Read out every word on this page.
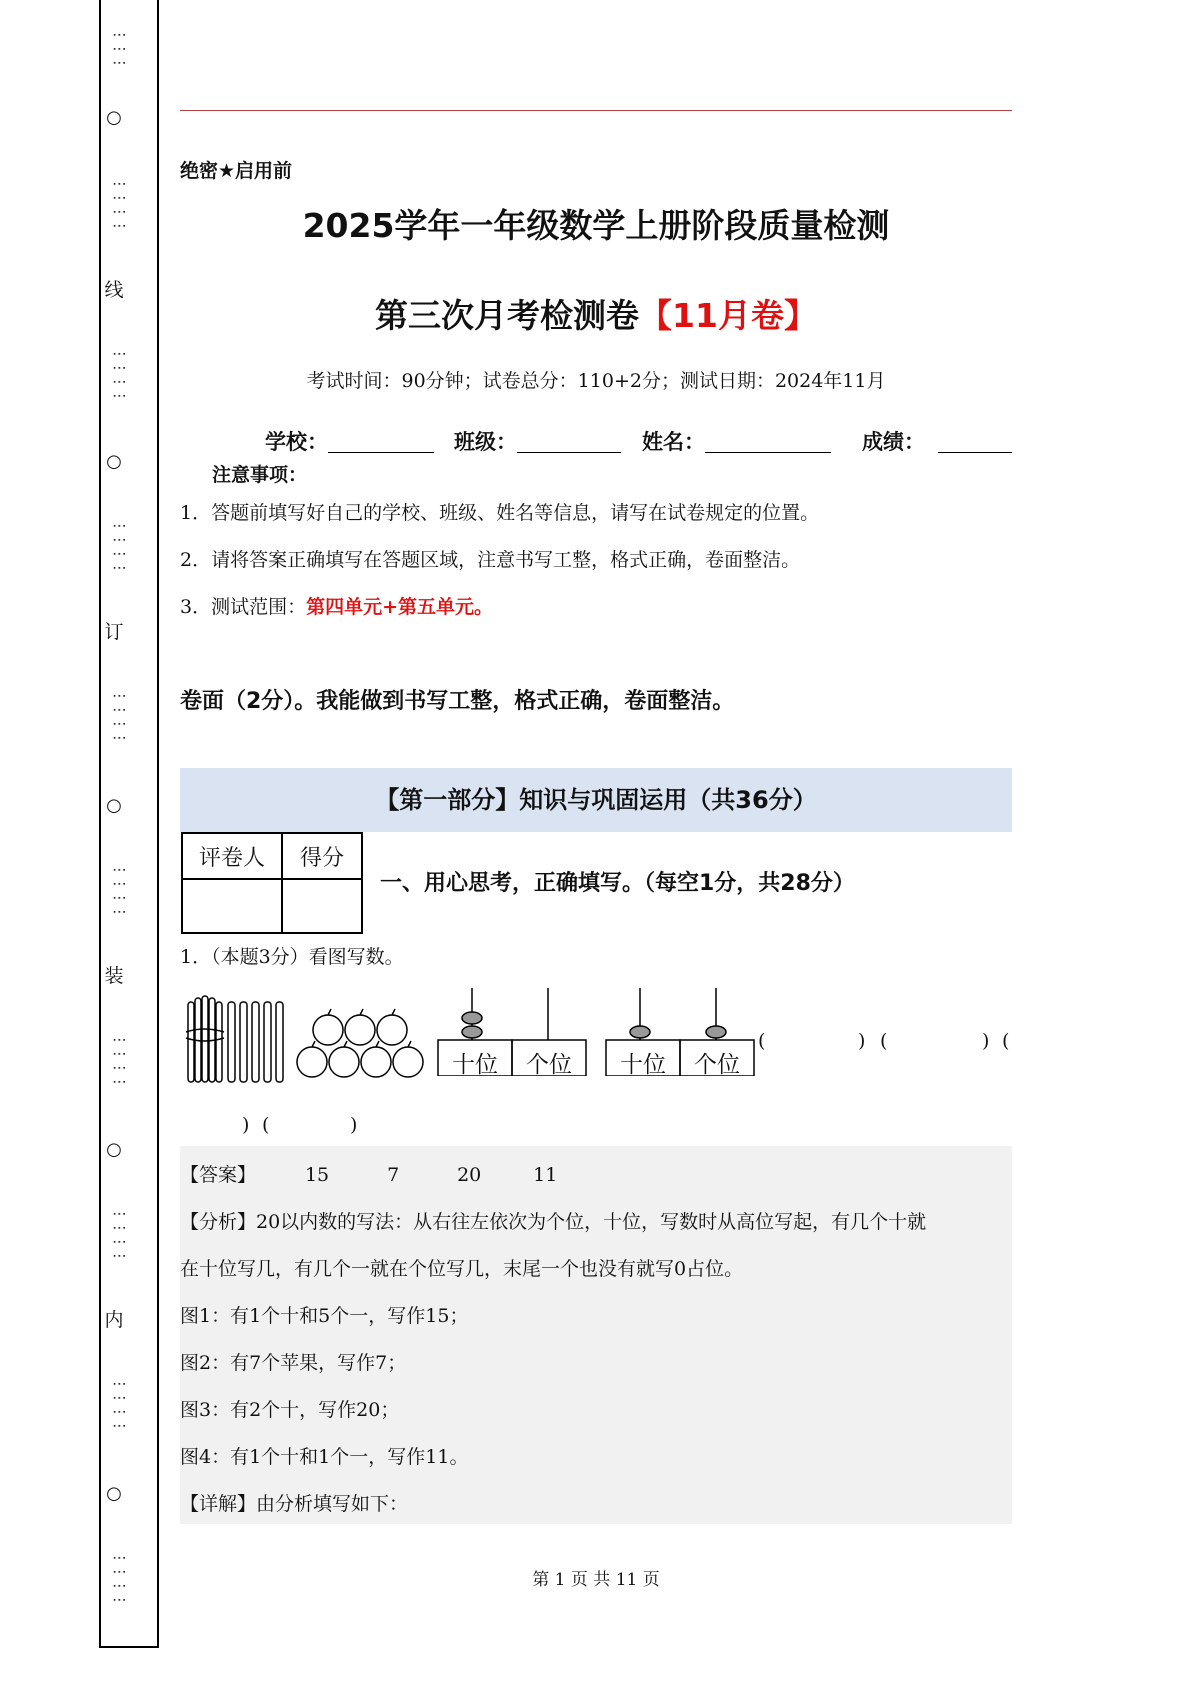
⋮⋮⋮
○
⋮⋮⋮⋮
线
⋮⋮⋮⋮
○
⋮⋮⋮⋮
订
⋮⋮⋮⋮
○
⋮⋮⋮⋮
装
⋮⋮⋮⋮
○
⋮⋮⋮⋮
内
⋮⋮⋮⋮
○
⋮⋮⋮⋮
绝密★启用前
2025学年一年级数学上册阶段质量检测
第三次月考检测卷【11月卷】
考试时间：90分钟；试卷总分：110+2分；测试日期：2024年11月
学校：	班级：	姓名：	成绩：
注意事项：
1．答题前填写好自己的学校、班级、姓名等信息，请写在试卷规定的位置。
2．请将答案正确填写在答题区域，注意书写工整，格式正确，卷面整洁。
3．测试范围：第四单元+第五单元。
卷面（2分）。我能做到书写工整，格式正确，卷面整洁。
【第一部分】知识与巩固运用（共36分）
评卷人	得分

一、用心思考，正确填写。（每空1分，共28分）
1．（本题3分）看图写数。
十位	个位	十位	个位
(	) (	) (
) (	)
【答案】	15	7	20	11
【分析】20以内数的写法：从右往左依次为个位，十位，写数时从高位写起，有几个十就
在十位写几，有几个一就在个位写几，末尾一个也没有就写0占位。
图1：有1个十和5个一，写作15；
图2：有7个苹果，写作7；
图3：有2个十，写作20；
图4：有1个十和1个一，写作11。
【详解】由分析填写如下：
第 1 页 共 11 页
